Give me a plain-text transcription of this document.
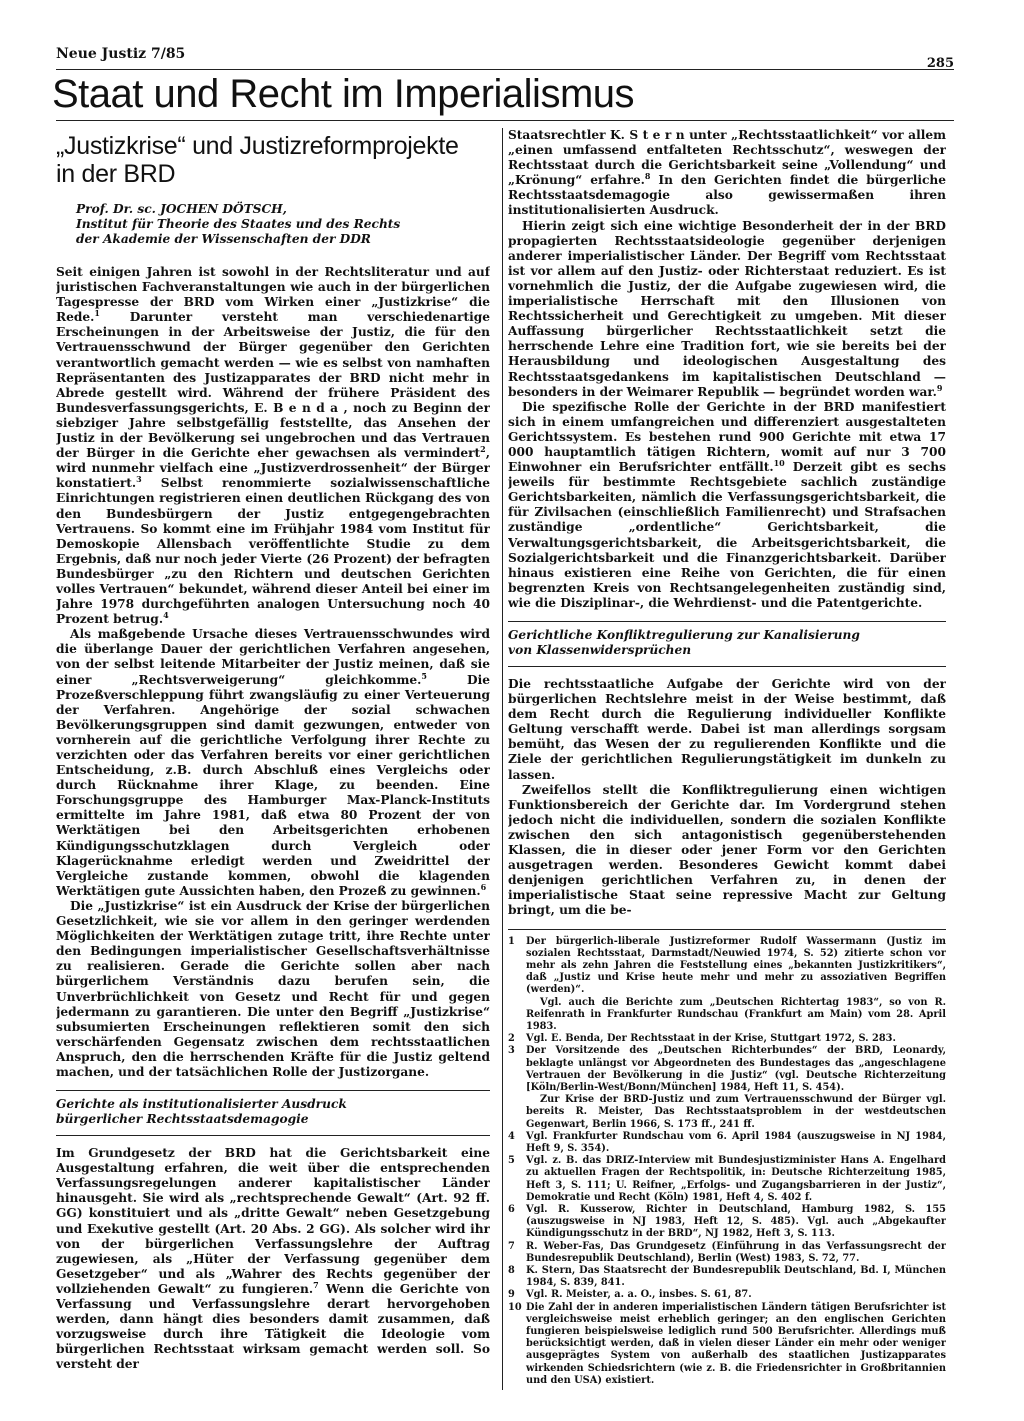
Neue Justiz 7/85
285
Staat und Recht im Imperialismus
„Justizkrise“ und Justizreformprojekte
in der BRD
Prof. Dr. sc. JOCHEN DÖTSCH,
Institut für Theorie des Staates und des Rechts
der Akademie der Wissenschaften der DDR

Seit einigen Jahren ist sowohl in der Rechtsliteratur und auf juristischen Fachveranstaltungen wie auch in der bürgerlichen Tagespresse der BRD vom Wirken einer „Justizkrise“ die Rede.$^1$ Darunter versteht man verschiedenartige Erscheinungen in der Arbeitsweise der Justiz, die für den Vertrauensschwund der Bürger gegenüber den Gerichten verantwortlich gemacht werden — wie es selbst von namhaften Repräsentanten des Justizapparates der BRD nicht mehr in Abrede gestellt wird. Während der frühere Präsident des Bundesverfassungsgerichts, E. B e n d a , noch zu Beginn der siebziger Jahre selbstgefällig feststellte, das Ansehen der Justiz in der Bevölkerung sei ungebrochen und das Vertrauen der Bürger in die Gerichte eher gewachsen als vermindert$^2$, wird nunmehr vielfach eine „Justizverdrossenheit“ der Bürger konstatiert.$^3$ Selbst renommierte sozialwissenschaftliche Einrichtungen registrieren einen deutlichen Rückgang des von den Bundesbürgern der Justiz entgegengebrachten Vertrauens. So kommt eine im Frühjahr 1984 vom Institut für Demoskopie Allensbach veröffentlichte Studie zu dem Ergebnis, daß nur noch jeder Vierte (26 Prozent) der befragten Bundesbürger „zu den Richtern und deutschen Gerichten volles Vertrauen“ bekundet, während dieser Anteil bei einer im Jahre 1978 durchgeführten analogen Untersuchung noch 40 Prozent betrug.$^4$

Als maßgebende Ursache dieses Vertrauensschwundes wird die überlange Dauer der gerichtlichen Verfahren angesehen, von der selbst leitende Mitarbeiter der Justiz meinen, daß sie einer „Rechtsverweigerung“ gleichkomme.$^5$ Die Prozeßverschleppung führt zwangsläufig zu einer Verteuerung der Verfahren. Angehörige der sozial schwachen Bevölkerungsgruppen sind damit gezwungen, entweder von vornherein auf die gerichtliche Verfolgung ihrer Rechte zu verzichten oder das Verfahren bereits vor einer gerichtlichen Entscheidung, z.B. durch Abschluß eines Vergleichs oder durch Rücknahme ihrer Klage, zu beenden. Eine Forschungsgruppe des Hamburger Max-Planck-Instituts ermittelte im Jahre 1981, daß etwa 80 Prozent der von Werktätigen bei den Arbeitsgerichten erhobenen Kündigungsschutzklagen durch Vergleich oder Klagerücknahme erledigt werden und Zweidrittel der Vergleiche zustande kommen, obwohl die klagenden Werktätigen gute Aussichten haben, den Prozeß zu gewinnen.$^6$

Die „Justizkrise“ ist ein Ausdruck der Krise der bürgerlichen Gesetzlichkeit, wie sie vor allem in den geringer werdenden Möglichkeiten der Werktätigen zutage tritt, ihre Rechte unter den Bedingungen imperialistischer Gesellschaftsverhältnisse zu realisieren. Gerade die Gerichte sollen aber nach bürgerlichem Verständnis dazu berufen sein, die Unverbrüchlichkeit von Gesetz und Recht für und gegen jedermann zu garantieren. Die unter den Begriff „Justizkrise“ subsumierten Erscheinungen reflektieren somit den sich verschärfenden Gegensatz zwischen dem rechtsstaatlichen Anspruch, den die herrschenden Kräfte für die Justiz geltend machen, und der tatsächlichen Rolle der Justizorgane.

Gerichte als institutionalisierter Ausdruck
bürgerlicher Rechtsstaatsdemagogie

Im Grundgesetz der BRD hat die Gerichtsbarkeit eine Ausgestaltung erfahren, die weit über die entsprechenden Verfassungsregelungen anderer kapitalistischer Länder hinausgeht. Sie wird als „rechtsprechende Gewalt“ (Art. 92 ff. GG) konstituiert und als „dritte Gewalt“ neben Gesetzgebung und Exekutive gestellt (Art. 20 Abs. 2 GG). Als solcher wird ihr von der bürgerlichen Verfassungslehre der Auftrag zugewiesen, als „Hüter der Verfassung gegenüber dem Gesetzgeber“ und als „Wahrer des Rechts gegenüber der vollziehenden Gewalt“ zu fungieren.$^7$ Wenn die Gerichte von Verfassung und Verfassungslehre derart hervorgehoben werden, dann hängt dies besonders damit zusammen, daß vorzugsweise durch ihre Tätigkeit die Ideologie vom bürgerlichen Rechtsstaat wirksam gemacht werden soll. So versteht der

Staatsrechtler K. S t e r n unter „Rechtsstaatlichkeit“ vor allem „einen umfassend entfalteten Rechtsschutz“, weswegen der Rechtsstaat durch die Gerichtsbarkeit seine „Vollendung“ und „Krönung“ erfahre.$^8$ In den Gerichten findet die bürgerliche Rechtsstaatsdemagogie also gewissermaßen ihren institutionalisierten Ausdruck.

Hierin zeigt sich eine wichtige Besonderheit der in der BRD propagierten Rechtsstaatsideologie gegenüber derjenigen anderer imperialistischer Länder. Der Begriff vom Rechtsstaat ist vor allem auf den Justiz- oder Richterstaat reduziert. Es ist vornehmlich die Justiz, der die Aufgabe zugewiesen wird, die imperialistische Herrschaft mit den Illusionen von Rechtssicherheit und Gerechtigkeit zu umgeben. Mit dieser Auffassung bürgerlicher Rechtsstaatlichkeit setzt die herrschende Lehre eine Tradition fort, wie sie bereits bei der Herausbildung und ideologischen Ausgestaltung des Rechtsstaatsgedankens im kapitalistischen Deutschland — besonders in der Weimarer Republik — begründet worden war.$^9$

Die spezifische Rolle der Gerichte in der BRD manifestiert sich in einem umfangreichen und differenziert ausgestalteten Gerichtssystem. Es bestehen rund 900 Gerichte mit etwa 17 000 hauptamtlich tätigen Richtern, womit auf nur 3 700 Einwohner ein Berufsrichter entfällt.$^{10}$ Derzeit gibt es sechs jeweils für bestimmte Rechtsgebiete sachlich zuständige Gerichtsbarkeiten, nämlich die Verfassungsgerichtsbarkeit, die für Zivilsachen (einschließlich Familienrecht) und Strafsachen zuständige „ordentliche“ Gerichtsbarkeit, die Verwaltungsgerichtsbarkeit, die Arbeitsgerichtsbarkeit, die Sozialgerichtsbarkeit und die Finanzgerichtsbarkeit. Darüber hinaus existieren eine Reihe von Gerichten, die für einen begrenzten Kreis von Rechtsangelegenheiten zuständig sind, wie die Disziplinar-, die Wehrdienst- und die Patentgerichte.

Gerichtliche Konfliktregulierung zur Kanalisierung
von Klassenwidersprüchen

Die rechtsstaatliche Aufgabe der Gerichte wird von der bürgerlichen Rechtslehre meist in der Weise bestimmt, daß dem Recht durch die Regulierung individueller Konflikte Geltung verschafft werde. Dabei ist man allerdings sorgsam bemüht, das Wesen der zu regulierenden Konflikte und die Ziele der gerichtlichen Regulierungstätigkeit im dunkeln zu lassen.

Zweifellos stellt die Konfliktregulierung einen wichtigen Funktionsbereich der Gerichte dar. Im Vordergrund stehen jedoch nicht die individuellen, sondern die sozialen Konflikte zwischen den sich antagonistisch gegenüberstehenden Klassen, die in dieser oder jener Form vor den Gerichten ausgetragen werden. Besonderes Gewicht kommt dabei denjenigen gerichtlichen Verfahren zu, in denen der imperialistische Staat seine repressive Macht zur Geltung bringt, um die be-

1	Der bürgerlich-liberale Justizreformer Rudolf Wassermann (Justiz im sozialen Rechtsstaat, Darmstadt/Neuwied 1974, S. 52) zitierte schon vor mehr als zehn Jahren die Feststellung eines „bekannten Justizkritikers“, daß „Justiz und Krise heute mehr und mehr zu assoziativen Begriffen (werden)“.

Vgl. auch die Berichte zum „Deutschen Richtertag 1983“, so von R. Reifenrath in Frankfurter Rundschau (Frankfurt am Main) vom 28. April 1983.

2	Vgl. E. Benda, Der Rechtsstaat in der Krise, Stuttgart 1972, S. 283.

3	Der Vorsitzende des „Deutschen Richterbundes“ der BRD, Leonardy, beklagte unlängst vor Abgeordneten des Bundestages das „angeschlagene Vertrauen der Bevölkerung in die Justiz“ (vgl. Deutsche Richterzeitung [Köln/Berlin-West/Bonn/München] 1984, Heft 11, S. 454).

Zur Krise der BRD-Justiz und zum Vertrauensschwund der Bürger vgl. bereits R. Meister, Das Rechtsstaatsproblem in der westdeutschen Gegenwart, Berlin 1966, S. 173 ff., 241 ff.

4	Vgl. Frankfurter Rundschau vom 6. April 1984 (auszugsweise in NJ 1984, Heft 9, S. 354).

5	Vgl. z. B. das DRIZ-Interview mit Bundesjustizminister Hans A. Engelhard zu aktuellen Fragen der Rechtspolitik, in: Deutsche Richterzeitung 1985, Heft 3, S. 111; U. Reifner, „Erfolgs- und Zugangsbarrieren in der Justiz“, Demokratie und Recht (Köln) 1981, Heft 4, S. 402 f.

6	Vgl. R. Kusserow, Richter in Deutschland, Hamburg 1982, S. 155 (auszugsweise in NJ 1983, Heft 12, S. 485). Vgl. auch „Abgekaufter Kündigungsschutz in der BRD“, NJ 1982, Heft 3, S. 113.

7	R. Weber-Fas, Das Grundgesetz (Einführung in das Verfassungsrecht der Bundesrepublik Deutschland), Berlin (West) 1983, S. 72, 77.

8	K. Stern, Das Staatsrecht der Bundesrepublik Deutschland, Bd. I, München 1984, S. 839, 841.

9	Vgl. R. Meister, a. a. O., insbes. S. 61, 87.

10 Die Zahl der in anderen imperialistischen Ländern tätigen Berufsrichter ist vergleichsweise meist erheblich geringer; an den englischen Gerichten fungieren beispielsweise lediglich rund 500 Berufsrichter. Allerdings muß berücksichtigt werden, daß in vielen dieser Länder ein mehr oder weniger ausgeprägtes System von außerhalb des staatlichen Justizapparates wirkenden Schiedsrichtern (wie z. B. die Friedensrichter in Großbritannien und den USA) existiert.
